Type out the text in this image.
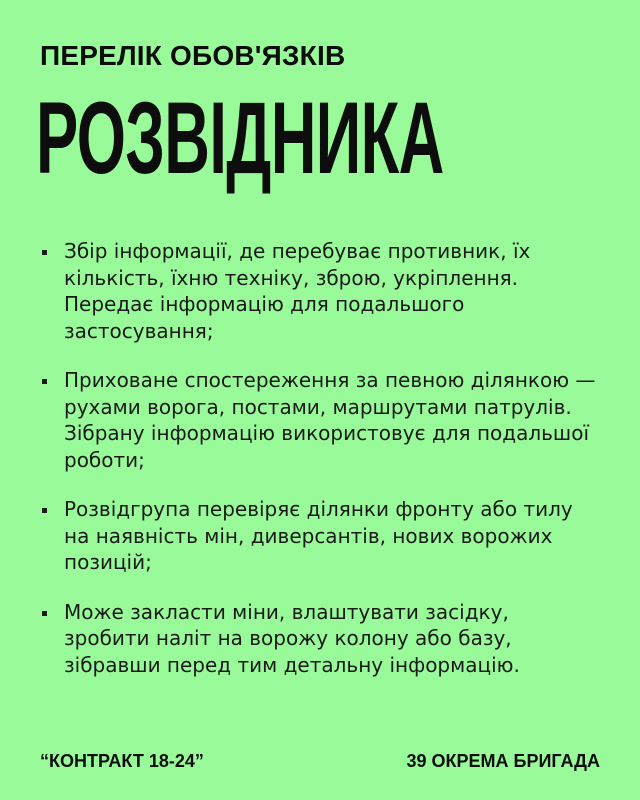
ПЕРЕЛІК ОБОВ'ЯЗКІВ
РОЗВІДНИКА
Збір інформації, де перебуває противник, їх кількість, їхню техніку, зброю, укріплення. Передає інформацію для подальшого застосування;
Приховане спостереження за певною ділянкою — рухами ворога, постами, маршрутами патрулів. Зібрану інформацію використовує для подальшої роботи;
Розвідгрупа перевіряє ділянки фронту або тилу на наявність мін, диверсантів, нових ворожих позицій;
Може закласти міни, влаштувати засідку, зробити наліт на ворожу колону або базу, зібравши перед тим детальну інформацію.
“КОНТРАКТ 18-24”	39 ОКРЕМА БРИГАДА
